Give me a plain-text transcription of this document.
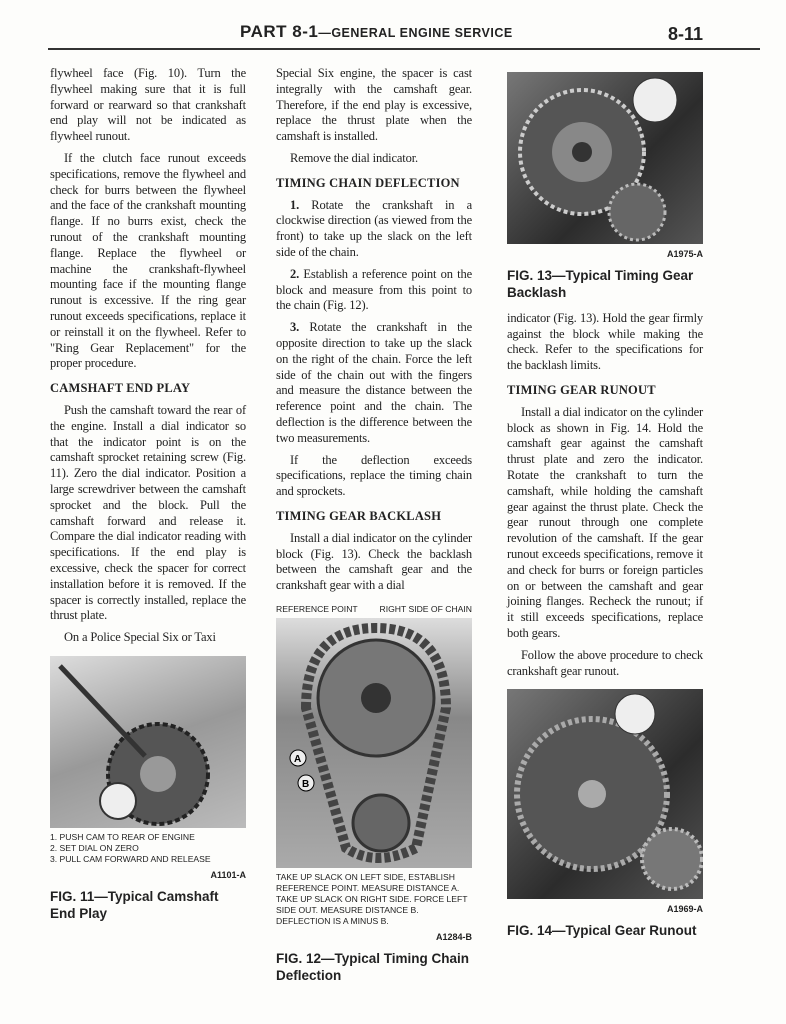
PART 8-1—GENERAL ENGINE SERVICE	8-11

flywheel face (Fig. 10). Turn the flywheel making sure that it is full forward or rearward so that crankshaft end play will not be indicated as flywheel runout.

If the clutch face runout exceeds specifications, remove the flywheel and check for burrs between the flywheel and the face of the crankshaft mounting flange. If no burrs exist, check the runout of the crankshaft mounting flange. Replace the flywheel or machine the crankshaft-flywheel mounting face if the mounting flange runout is excessive. If the ring gear runout exceeds specifications, replace it or reinstall it on the flywheel. Refer to "Ring Gear Replacement" for the proper procedure.

CAMSHAFT END PLAY

Push the camshaft toward the rear of the engine. Install a dial indicator so that the indicator point is on the camshaft sprocket retaining screw (Fig. 11). Zero the dial indicator. Position a large screwdriver between the camshaft sprocket and the block. Pull the camshaft forward and release it. Compare the dial indicator reading with specifications. If the end play is excessive, check the spacer for correct installation before it is removed. If the spacer is correctly installed, replace the thrust plate.

On a Police Special Six or Taxi

1. PUSH CAM TO REAR OF ENGINE
2. SET DIAL ON ZERO
3. PULL CAM FORWARD AND RELEASE
A1101-A
FIG. 11—Typical Camshaft End Play

Special Six engine, the spacer is cast integrally with the camshaft gear. Therefore, if the end play is excessive, replace the thrust plate when the camshaft is installed.

Remove the dial indicator.

TIMING CHAIN DEFLECTION

1. Rotate the crankshaft in a clockwise direction (as viewed from the front) to take up the slack on the left side of the chain.

2. Establish a reference point on the block and measure from this point to the chain (Fig. 12).

3. Rotate the crankshaft in the opposite direction to take up the slack on the right of the chain. Force the left side of the chain out with the fingers and measure the distance between the reference point and the chain. The deflection is the difference between the two measurements.

If the deflection exceeds specifications, replace the timing chain and sprockets.

TIMING GEAR BACKLASH

Install a dial indicator on the cylinder block (Fig. 13). Check the backlash between the camshaft gear and the crankshaft gear with a dial

REFERENCE POINT	RIGHT SIDE OF CHAIN
A
B
TAKE UP SLACK ON LEFT SIDE, ESTABLISH REFERENCE POINT. MEASURE DISTANCE A. TAKE UP SLACK ON RIGHT SIDE. FORCE LEFT SIDE OUT. MEASURE DISTANCE B. DEFLECTION IS A MINUS B.
A1284-B
FIG. 12—Typical Timing Chain Deflection
A1975-A
FIG. 13—Typical Timing Gear Backlash

indicator (Fig. 13). Hold the gear firmly against the block while making the check. Refer to the specifications for the backlash limits.

TIMING GEAR RUNOUT

Install a dial indicator on the cylinder block as shown in Fig. 14. Hold the camshaft gear against the camshaft thrust plate and zero the indicator. Rotate the crankshaft to turn the camshaft, while holding the camshaft gear against the thrust plate. Check the gear runout through one complete revolution of the camshaft. If the gear runout exceeds specifications, remove it and check for burrs or foreign particles on or between the camshaft and gear joining flanges. Recheck the runout; if it still exceeds specifications, replace both gears.

Follow the above procedure to check crankshaft gear runout.

A1969-A
FIG. 14—Typical Gear Runout
